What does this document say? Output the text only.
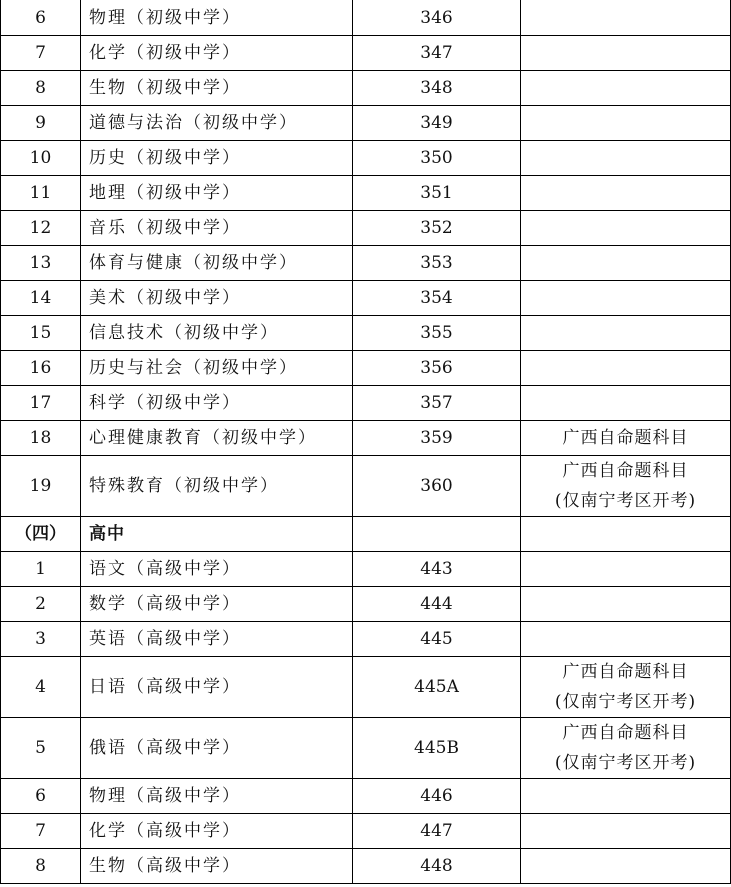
6	物理（初级中学）	346	
7	化学（初级中学）	347	
8	生物（初级中学）	348	
9	道德与法治（初级中学）	349	
10	历史（初级中学）	350	
11	地理（初级中学）	351	
12	音乐（初级中学）	352	
13	体育与健康（初级中学）	353	
14	美术（初级中学）	354	
15	信息技术（初级中学）	355	
16	历史与社会（初级中学）	356	
17	科学（初级中学）	357	
18	心理健康教育（初级中学）	359	广西自命题科目

19	特殊教育（初级中学）	360	广西自命题科目
(仅南宁考区开考)

（四）	高中		
1	语文（高级中学）	443	
2	数学（高级中学）	444	
3	英语（高级中学）	445	
4	日语（高级中学）	445A	广西自命题科目
(仅南宁考区开考)

5	俄语（高级中学）	445B	广西自命题科目
(仅南宁考区开考)

6	物理（高级中学）	446	
7	化学（高级中学）	447	
8	生物（高级中学）	448	
